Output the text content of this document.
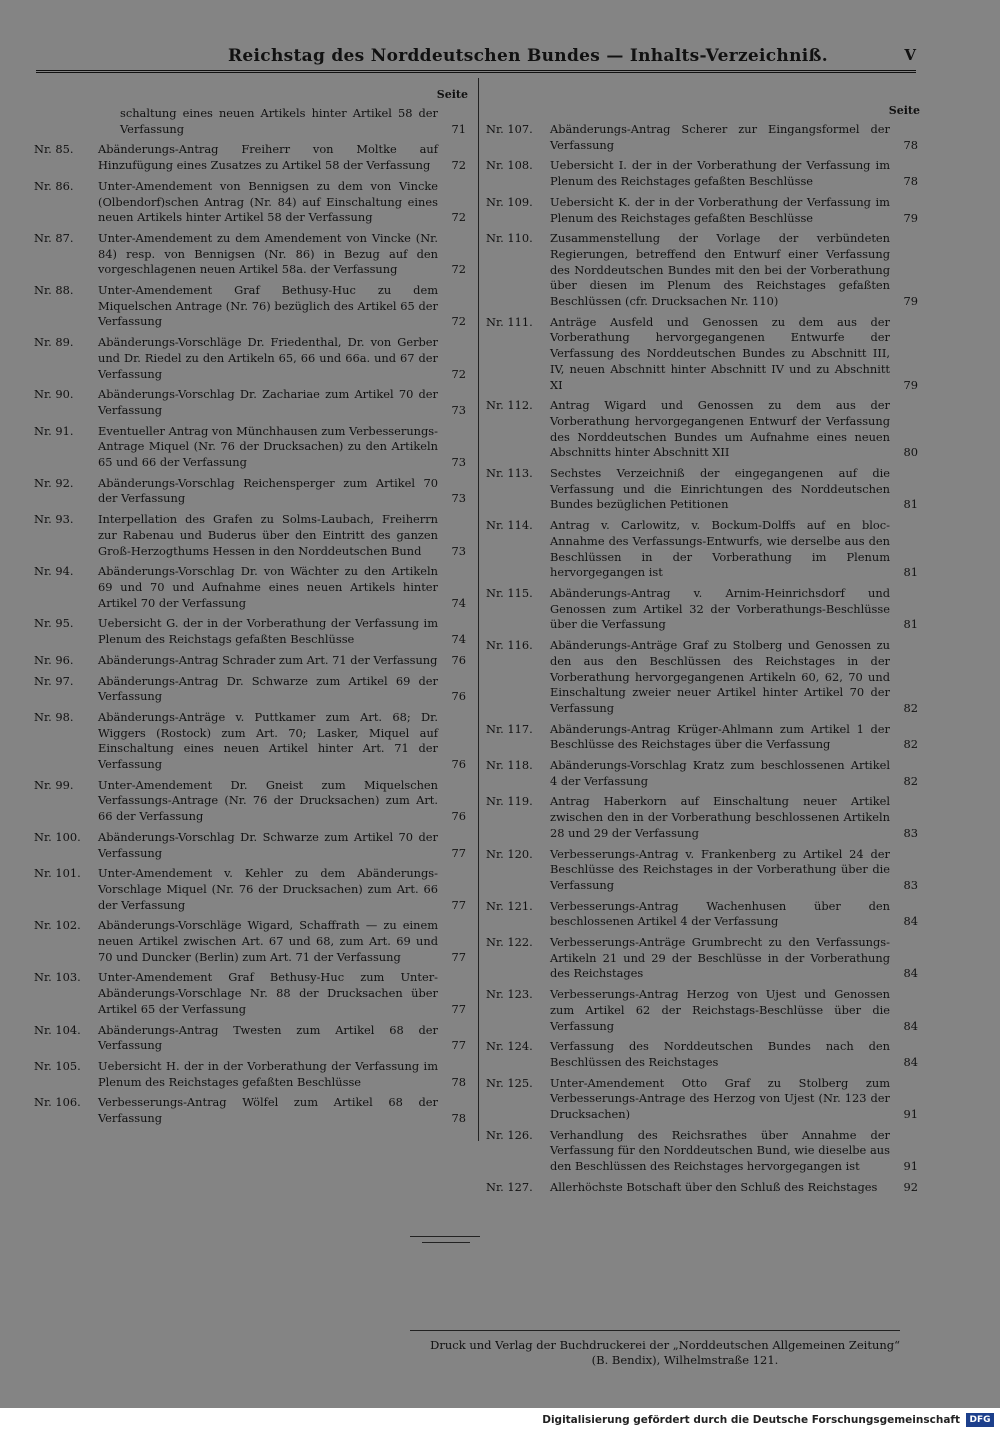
Reichstag des Norddeutschen Bundes — Inhalts-Verzeichniß.	V
Seite
schaltung eines neuen Artikels hinter Artikel 58 der Verfassung	71
Nr. 85. Abänderungs-Antrag Freiherr von Moltke auf Hinzufügung eines Zusatzes zu Artikel 58 der Verfassung	72
Nr. 86. Unter-Amendement von Bennigsen zu dem von Vincke (Olbendorf)schen Antrag (Nr. 84) auf Einschaltung eines neuen Artikels hinter Artikel 58 der Verfassung	72
Nr. 87. Unter-Amendement zu dem Amendement von Vincke (Nr. 84) resp. von Bennigsen (Nr. 86) in Bezug auf den vorgeschlagenen neuen Artikel 58a. der Verfassung	72
Nr. 88. Unter-Amendement Graf Bethusy-Huc zu dem Miquelschen Antrage (Nr. 76) bezüglich des Artikel 65 der Verfassung	72
Nr. 89. Abänderungs-Vorschläge Dr. Friedenthal, Dr. von Gerber und Dr. Riedel zu den Artikeln 65, 66 und 66a. und 67 der Verfassung	72
Nr. 90. Abänderungs-Vorschlag Dr. Zachariae zum Artikel 70 der Verfassung	73
Nr. 91. Eventueller Antrag von Münchhausen zum Verbesserungs-Antrage Miquel (Nr. 76 der Drucksachen) zu den Artikeln 65 und 66 der Verfassung	73
Nr. 92. Abänderungs-Vorschlag Reichensperger zum Artikel 70 der Verfassung	73
Nr. 93. Interpellation des Grafen zu Solms-Laubach, Freiherrn zur Rabenau und Buderus über den Eintritt des ganzen Groß-Herzogthums Hessen in den Norddeutschen Bund	73
Nr. 94. Abänderungs-Vorschlag Dr. von Wächter zu den Artikeln 69 und 70 und Aufnahme eines neuen Artikels hinter Artikel 70 der Verfassung	74
Nr. 95. Uebersicht G. der in der Vorberathung der Verfassung im Plenum des Reichstags gefaßten Beschlüsse	74
Nr. 96. Abänderungs-Antrag Schrader zum Art. 71 der Verfassung 76
Nr. 97. Abänderungs-Antrag Dr. Schwarze zum Artikel 69 der Verfassung	76
Nr. 98. Abänderungs-Anträge v. Puttkamer zum Art. 68; Dr. Wiggers (Rostock) zum Art. 70; Lasker, Miquel auf Einschaltung eines neuen Artikel hinter Art. 71 der Verfassung	76
Nr. 99. Unter-Amendement Dr. Gneist zum Miquelschen Verfassungs-Antrage (Nr. 76 der Drucksachen) zum Art. 66 der Verfassung	76
Nr. 100. Abänderungs-Vorschlag Dr. Schwarze zum Artikel 70 der Verfassung	77
Nr. 101. Unter-Amendement v. Kehler zu dem Abänderungs-Vorschlage Miquel (Nr. 76 der Drucksachen) zum Art. 66 der Verfassung	77
Nr. 102. Abänderungs-Vorschläge Wigard, Schaffrath — zu einem neuen Artikel zwischen Art. 67 und 68, zum Art. 69 und 70 und Duncker (Berlin) zum Art. 71 der Verfassung	77
Nr. 103. Unter-Amendement Graf Bethusy-Huc zum Unter-Abänderungs-Vorschlage Nr. 88 der Drucksachen über Artikel 65 der Verfassung	77
Nr. 104. Abänderungs-Antrag Twesten zum Artikel 68 der Verfassung	77
Nr. 105. Uebersicht H. der in der Vorberathung der Verfassung im Plenum des Reichstages gefaßten Beschlüsse	78
Nr. 106. Verbesserungs-Antrag Wölfel zum Artikel 68 der Verfassung	78
Seite
Nr. 107. Abänderungs-Antrag Scherer zur Eingangsformel der Verfassung	78
Nr. 108. Uebersicht I. der in der Vorberathung der Verfassung im Plenum des Reichstages gefaßten Beschlüsse	78
Nr. 109. Uebersicht K. der in der Vorberathung der Verfassung im Plenum des Reichstages gefaßten Beschlüsse	79
Nr. 110. Zusammenstellung der Vorlage der verbündeten Regierungen, betreffend den Entwurf einer Verfassung des Norddeutschen Bundes mit den bei der Vorberathung über diesen im Plenum des Reichstages gefaßten Beschlüssen (cfr. Drucksachen Nr. 110)	79
Nr. 111. Anträge Ausfeld und Genossen zu dem aus der Vorberathung hervorgegangenen Entwurfe der Verfassung des Norddeutschen Bundes zu Abschnitt III, IV, neuen Abschnitt hinter Abschnitt IV und zu Abschnitt XI	79
Nr. 112. Antrag Wigard und Genossen zu dem aus der Vorberathung hervorgegangenen Entwurf der Verfassung des Norddeutschen Bundes um Aufnahme eines neuen Abschnitts hinter Abschnitt XII	80
Nr. 113. Sechstes Verzeichniß der eingegangenen auf die Verfassung und die Einrichtungen des Norddeutschen Bundes bezüglichen Petitionen	81
Nr. 114. Antrag v. Carlowitz, v. Bockum-Dolffs auf en bloc-Annahme des Verfassungs-Entwurfs, wie derselbe aus den Beschlüssen in der Vorberathung im Plenum hervorgegangen ist	81
Nr. 115. Abänderungs-Antrag v. Arnim-Heinrichsdorf und Genossen zum Artikel 32 der Vorberathungs-Beschlüsse über die Verfassung	81
Nr. 116. Abänderungs-Anträge Graf zu Stolberg und Genossen zu den aus den Beschlüssen des Reichstages in der Vorberathung hervorgegangenen Artikeln 60, 62, 70 und Einschaltung zweier neuer Artikel hinter Artikel 70 der Verfassung	82
Nr. 117. Abänderungs-Antrag Krüger-Ahlmann zum Artikel 1 der Beschlüsse des Reichstages über die Verfassung	82
Nr. 118. Abänderungs-Vorschlag Kratz zum beschlossenen Artikel 4 der Verfassung	82
Nr. 119. Antrag Haberkorn auf Einschaltung neuer Artikel zwischen den in der Vorberathung beschlossenen Artikeln 28 und 29 der Verfassung	83
Nr. 120. Verbesserungs-Antrag v. Frankenberg zu Artikel 24 der Beschlüsse des Reichstages in der Vorberathung über die Verfassung	83
Nr. 121. Verbesserungs-Antrag Wachenhusen über den beschlossenen Artikel 4 der Verfassung	84
Nr. 122. Verbesserungs-Anträge Grumbrecht zu den Verfassungs-Artikeln 21 und 29 der Beschlüsse in der Vorberathung des Reichstages	84
Nr. 123. Verbesserungs-Antrag Herzog von Ujest und Genossen zum Artikel 62 der Reichstags-Beschlüsse über die Verfassung	84
Nr. 124. Verfassung des Norddeutschen Bundes nach den Beschlüssen des Reichstages	84
Nr. 125. Unter-Amendement Otto Graf zu Stolberg zum Verbesserungs-Antrage des Herzog von Ujest (Nr. 123 der Drucksachen)	91
Nr. 126. Verhandlung des Reichsrathes über Annahme der Verfassung für den Norddeutschen Bund, wie dieselbe aus den Beschlüssen des Reichstages hervorgegangen ist	91
Nr. 127. Allerhöchste Botschaft über den Schluß des Reichstages	92
Druck und Verlag der Buchdruckerei der „Norddeutschen Allgemeinen Zeitung“
(B. Bendix), Wilhelmstraße 121.
Digitalisierung gefördert durch die Deutsche Forschungsgemeinschaft	DFG
